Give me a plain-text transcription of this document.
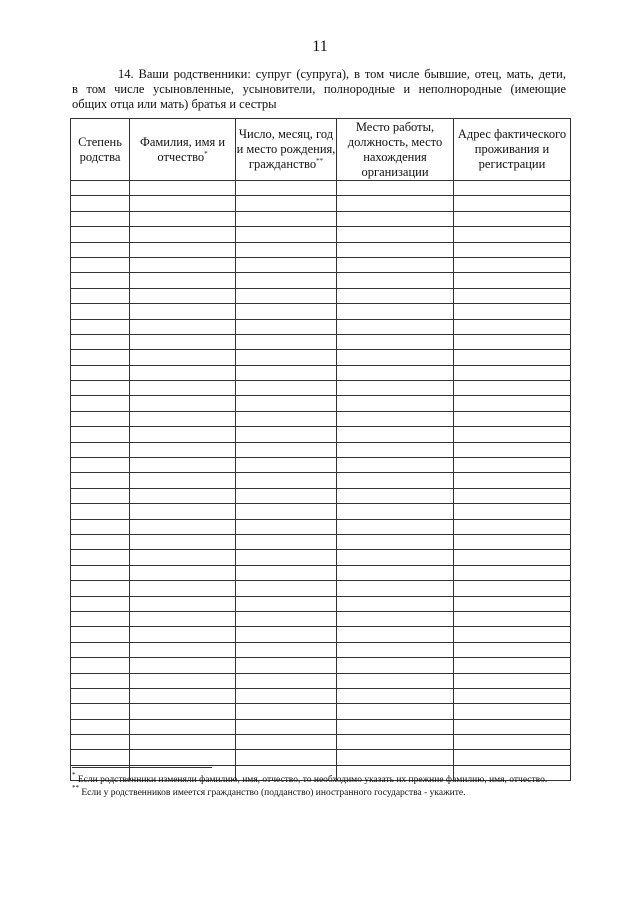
11
14. Ваши родственники: супруг (супруга), в том числе бывшие, отец, мать, дети,
в том числе усыновленные, усыновители, полнородные и неполнородные (имеющие
общих отца или мать) братья и сестры
Степень родства	Фамилия, имя и отчество*	Число, месяц, год и место рождения, гражданство**	Место работы, должность, место нахождения организации	Адрес фактического проживания и регистрации

* Если родственники изменяли фамилию, имя, отчество, то необходимо указать их прежние фамилию, имя, отчество.
** Если у родственников имеется гражданство (подданство) иностранного государства - укажите.
